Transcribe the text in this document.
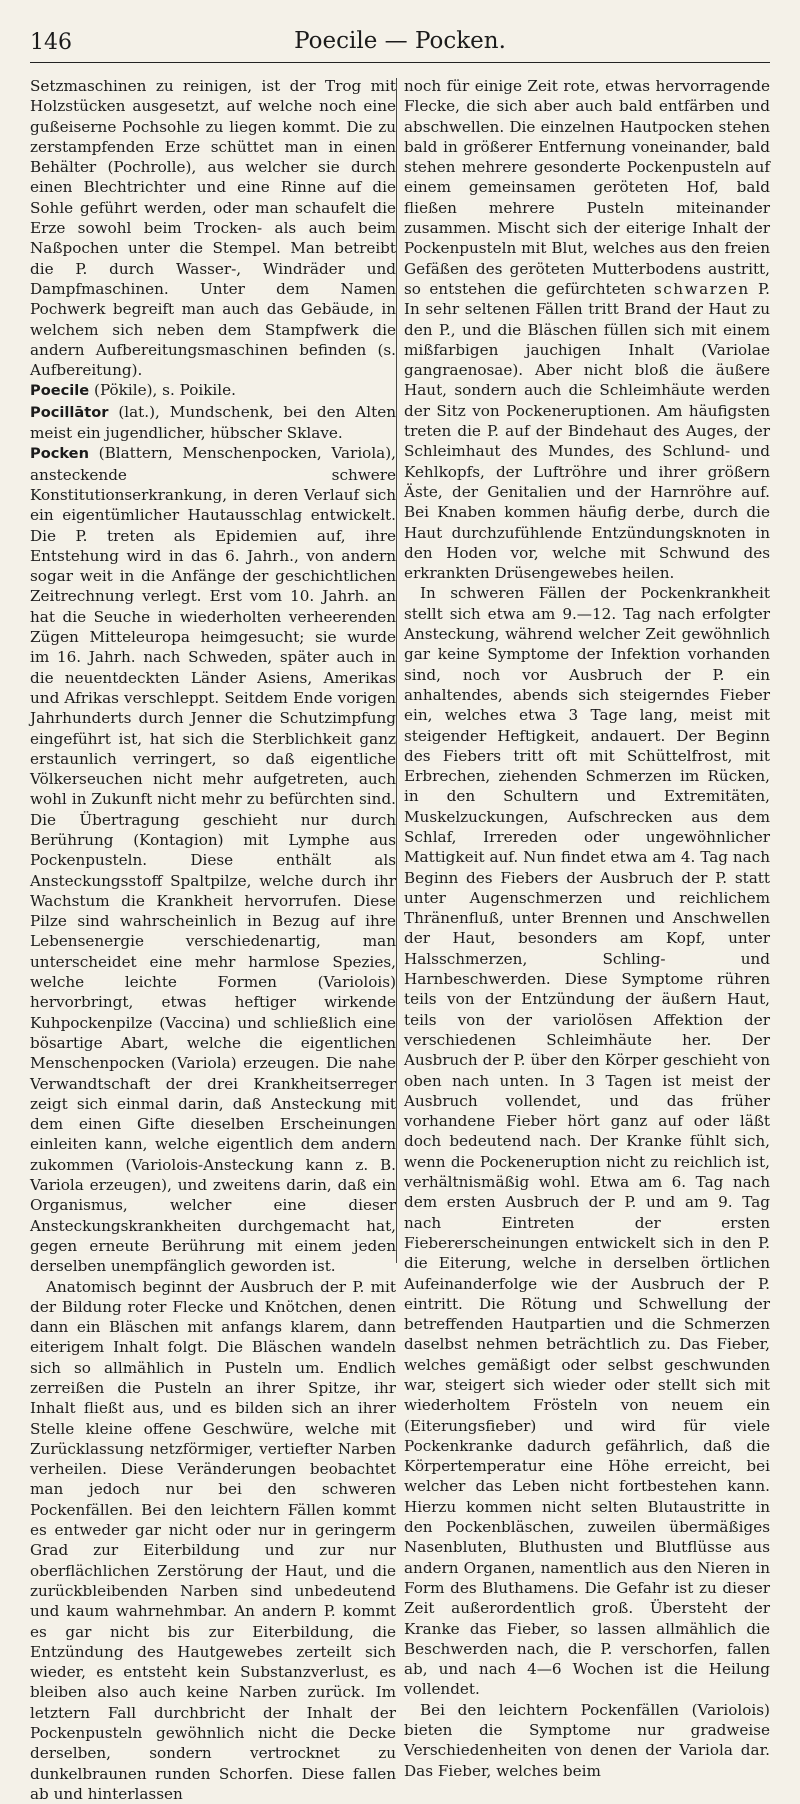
146	Poecile — Pocken.

Setzmaschinen zu reinigen, ist der Trog mit Holzstücken ausgesetzt, auf welche noch eine gußeiserne Pochsohle zu liegen kommt. Die zu zerstampfenden Erze schüttet man in einen Behälter (Pochrolle), aus welcher sie durch einen Blechtrichter und eine Rinne auf die Sohle geführt werden, oder man schaufelt die Erze sowohl beim Trocken- als auch beim Naßpochen unter die Stempel. Man betreibt die P. durch Wasser-, Windräder und Dampfmaschinen. Unter dem Namen Pochwerk begreift man auch das Gebäude, in welchem sich neben dem Stampfwerk die andern Aufbereitungsmaschinen befinden (s. Aufbereitung).

Poecile (Pökile), s. Poikile.

Pocillātor (lat.), Mundschenk, bei den Alten meist ein jugendlicher, hübscher Sklave.

Pocken (Blattern, Menschenpocken, Variola), ansteckende schwere Konstitutionserkrankung, in deren Verlauf sich ein eigentümlicher Hautausschlag entwickelt. Die P. treten als Epidemien auf, ihre Entstehung wird in das 6. Jahrh., von andern sogar weit in die Anfänge der geschichtlichen Zeitrechnung verlegt. Erst vom 10. Jahrh. an hat die Seuche in wiederholten verheerenden Zügen Mitteleuropa heimgesucht; sie wurde im 16. Jahrh. nach Schweden, später auch in die neuentdeckten Länder Asiens, Amerikas und Afrikas verschleppt. Seitdem Ende vorigen Jahrhunderts durch Jenner die Schutzimpfung eingeführt ist, hat sich die Sterblichkeit ganz erstaunlich verringert, so daß eigentliche Völkerseuchen nicht mehr aufgetreten, auch wohl in Zukunft nicht mehr zu befürchten sind. Die Übertragung geschieht nur durch Berührung (Kontagion) mit Lymphe aus Pockenpusteln. Diese enthält als Ansteckungsstoff Spaltpilze, welche durch ihr Wachstum die Krankheit hervorrufen. Diese Pilze sind wahrscheinlich in Bezug auf ihre Lebensenergie verschiedenartig, man unterscheidet eine mehr harmlose Spezies, welche leichte Formen (Variolois) hervorbringt, etwas heftiger wirkende Kuhpockenpilze (Vaccina) und schließlich eine bösartige Abart, welche die eigentlichen Menschenpocken (Variola) erzeugen. Die nahe Verwandtschaft der drei Krankheitserreger zeigt sich einmal darin, daß Ansteckung mit dem einen Gifte dieselben Erscheinungen einleiten kann, welche eigentlich dem andern zukommen (Variolois-Ansteckung kann z. B. Variola erzeugen), und zweitens darin, daß ein Organismus, welcher eine dieser Ansteckungskrankheiten durchgemacht hat, gegen erneute Berührung mit einem jeden derselben unempfänglich geworden ist.

Anatomisch beginnt der Ausbruch der P. mit der Bildung roter Flecke und Knötchen, denen dann ein Bläschen mit anfangs klarem, dann eiterigem Inhalt folgt. Die Bläschen wandeln sich so allmählich in Pusteln um. Endlich zerreißen die Pusteln an ihrer Spitze, ihr Inhalt fließt aus, und es bilden sich an ihrer Stelle kleine offene Geschwüre, welche mit Zurücklassung netzförmiger, vertiefter Narben verheilen. Diese Veränderungen beobachtet man jedoch nur bei den schweren Pockenfällen. Bei den leichtern Fällen kommt es entweder gar nicht oder nur in geringerm Grad zur Eiterbildung und zur nur oberflächlichen Zerstörung der Haut, und die zurückbleibenden Narben sind unbedeutend und kaum wahrnehmbar. An andern P. kommt es gar nicht bis zur Eiterbildung, die Entzündung des Hautgewebes zerteilt sich wieder, es entsteht kein Substanzverlust, es bleiben also auch keine Narben zurück. Im letztern Fall durchbricht der Inhalt der Pockenpusteln gewöhnlich nicht die Decke derselben, sondern vertrocknet zu dunkelbraunen runden Schorfen. Diese fallen ab und hinterlassen

noch für einige Zeit rote, etwas hervorragende Flecke, die sich aber auch bald entfärben und abschwellen. Die einzelnen Hautpocken stehen bald in größerer Entfernung voneinander, bald stehen mehrere gesonderte Pockenpusteln auf einem gemeinsamen geröteten Hof, bald fließen mehrere Pusteln miteinander zusammen. Mischt sich der eiterige Inhalt der Pockenpusteln mit Blut, welches aus den freien Gefäßen des geröteten Mutterbodens austritt, so entstehen die gefürchteten schwarzen P. In sehr seltenen Fällen tritt Brand der Haut zu den P., und die Bläschen füllen sich mit einem mißfarbigen jauchigen Inhalt (Variolae gangraenosae). Aber nicht bloß die äußere Haut, sondern auch die Schleimhäute werden der Sitz von Pockeneruptionen. Am häufigsten treten die P. auf der Bindehaut des Auges, der Schleimhaut des Mundes, des Schlund- und Kehlkopfs, der Luftröhre und ihrer größern Äste, der Genitalien und der Harnröhre auf. Bei Knaben kommen häufig derbe, durch die Haut durchzufühlende Entzündungsknoten in den Hoden vor, welche mit Schwund des erkrankten Drüsengewebes heilen.

In schweren Fällen der Pockenkrankheit stellt sich etwa am 9.—12. Tag nach erfolgter Ansteckung, während welcher Zeit gewöhnlich gar keine Symptome der Infektion vorhanden sind, noch vor Ausbruch der P. ein anhaltendes, abends sich steigerndes Fieber ein, welches etwa 3 Tage lang, meist mit steigender Heftigkeit, andauert. Der Beginn des Fiebers tritt oft mit Schüttelfrost, mit Erbrechen, ziehenden Schmerzen im Rücken, in den Schultern und Extremitäten, Muskelzuckungen, Aufschrecken aus dem Schlaf, Irrereden oder ungewöhnlicher Mattigkeit auf. Nun findet etwa am 4. Tag nach Beginn des Fiebers der Ausbruch der P. statt unter Augenschmerzen und reichlichem Thränenfluß, unter Brennen und Anschwellen der Haut, besonders am Kopf, unter Halsschmerzen, Schling- und Harnbeschwerden. Diese Symptome rühren teils von der Entzündung der äußern Haut, teils von der variolösen Affektion der verschiedenen Schleimhäute her. Der Ausbruch der P. über den Körper geschieht von oben nach unten. In 3 Tagen ist meist der Ausbruch vollendet, und das früher vorhandene Fieber hört ganz auf oder läßt doch bedeutend nach. Der Kranke fühlt sich, wenn die Pockeneruption nicht zu reichlich ist, verhältnismäßig wohl. Etwa am 6. Tag nach dem ersten Ausbruch der P. und am 9. Tag nach Eintreten der ersten Fiebererscheinungen entwickelt sich in den P. die Eiterung, welche in derselben örtlichen Aufeinanderfolge wie der Ausbruch der P. eintritt. Die Rötung und Schwellung der betreffenden Hautpartien und die Schmerzen daselbst nehmen beträchtlich zu. Das Fieber, welches gemäßigt oder selbst geschwunden war, steigert sich wieder oder stellt sich mit wiederholtem Frösteln von neuem ein (Eiterungsfieber) und wird für viele Pockenkranke dadurch gefährlich, daß die Körpertemperatur eine Höhe erreicht, bei welcher das Leben nicht fortbestehen kann. Hierzu kommen nicht selten Blutaustritte in den Pockenbläschen, zuweilen übermäßiges Nasenbluten, Bluthusten und Blutflüsse aus andern Organen, namentlich aus den Nieren in Form des Bluthamens. Die Gefahr ist zu dieser Zeit außerordentlich groß. Übersteht der Kranke das Fieber, so lassen allmählich die Beschwerden nach, die P. verschorfen, fallen ab, und nach 4—6 Wochen ist die Heilung vollendet.

Bei den leichtern Pockenfällen (Variolois) bieten die Symptome nur gradweise Verschiedenheiten von denen der Variola dar. Das Fieber, welches beim
